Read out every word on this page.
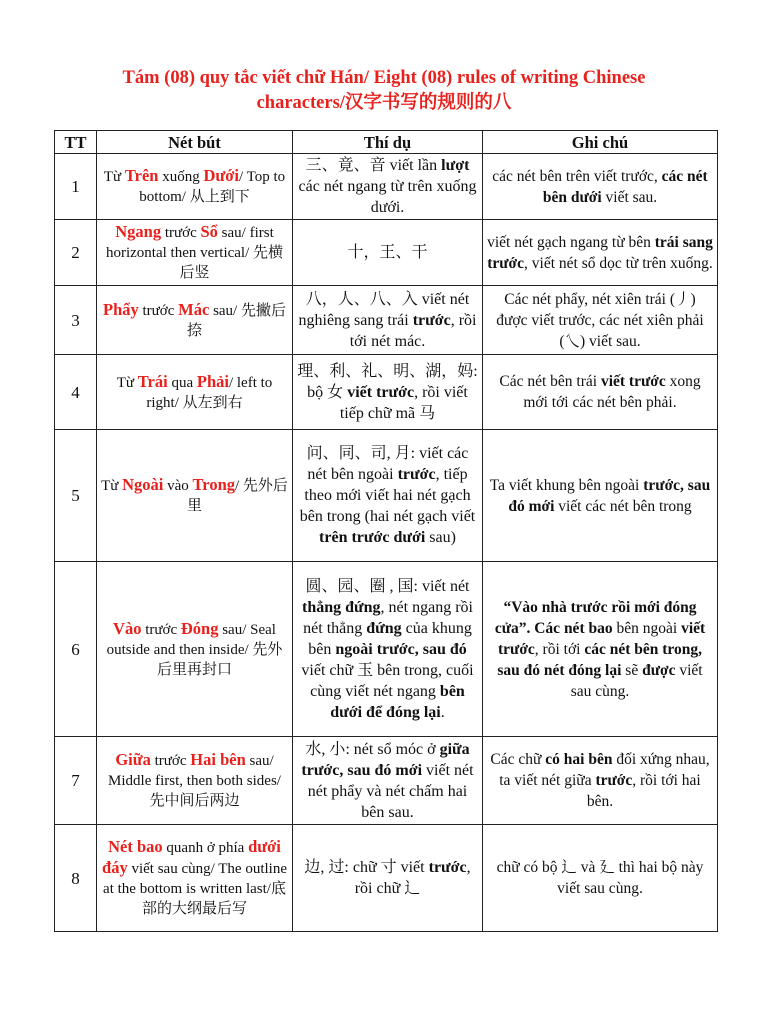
Tám (08) quy tắc viết chữ Hán/ Eight (08) rules of writing Chinese
characters/汉字书写的规则的八
TT	Nét bút	Thí dụ	Ghi chú
1	Từ Trên xuống Dưới/ Top to bottom/ 从上到下	三、竟、音 viết lần lượt các nét ngang từ trên xuống dưới.	các nét bên trên viết trước, các nét bên dưới viết sau.
2	Ngang trước Sổ sau/ first horizontal then vertical/ 先横后竖	十，王、干	viết nét gạch ngang từ bên trái sang trước, viết nét sổ dọc từ trên xuống.
3	Phẩy trước Mác sau/ 先撇后捺	八，人、八、入 viết nét nghiêng sang trái trước, rồi tới nét mác.	Các nét phẩy, nét xiên trái (丿) được viết trước, các nét xiên phải (乀) viết sau.
4	Từ Trái qua Phải/ left to right/ 从左到右	理、利、礼、明、湖，妈: bộ 女 viết trước, rồi viết tiếp chữ mã 马	Các nét bên trái viết trước xong mới tới các nét bên phải.
5	Từ Ngoài vào Trong/ 先外后里	问、同、司, 月: viết các nét bên ngoài trước, tiếp theo mới viết hai nét gạch bên trong (hai nét gạch viết trên trước dưới sau)	Ta viết khung bên ngoài trước, sau đó mới viết các nét bên trong
6	Vào trước Đóng sau/ Seal outside and then inside/ 先外后里再封口	圆、园、圈 , 国: viết nét thẳng đứng, nét ngang rồi nét thẳng đứng của khung bên ngoài trước, sau đó viết chữ 玉 bên trong, cuối cùng viết nét ngang bên dưới để đóng lại.	“Vào nhà trước rồi mới đóng cửa”. Các nét bao bên ngoài viết trước, rồi tới các nét bên trong, sau đó nét đóng lại sẽ được viết sau cùng.
7	Giữa trước Hai bên sau/ Middle first, then both sides/ 先中间后两边	水, 小: nét sổ móc ở giữa trước, sau đó mới viết nét nét phẩy và nét chấm hai bên sau.	Các chữ có hai bên đối xứng nhau, ta viết nét giữa trước, rồi tới hai bên.
8	Nét bao quanh ở phía dưới đáy viết sau cùng/ The outline at the bottom is written last/底部的大纲最后写	边, 过: chữ 寸 viết trước, rồi chữ 辶	chữ có bộ 辶 và 廴 thì hai bộ này viết sau cùng.
